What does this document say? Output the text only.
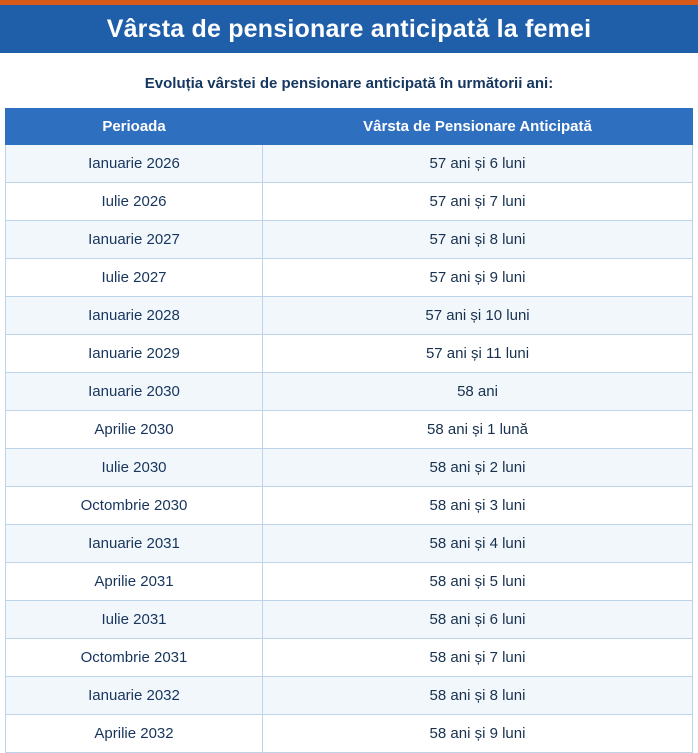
Vârsta de pensionare anticipată la femei
Evoluția vârstei de pensionare anticipată în următorii ani:
Perioada	Vârsta de Pensionare Anticipată
Ianuarie 2026	57 ani și 6 luni
Iulie 2026	57 ani și 7 luni
Ianuarie 2027	57 ani și 8 luni
Iulie 2027	57 ani și 9 luni
Ianuarie 2028	57 ani și 10 luni
Ianuarie 2029	57 ani și 11 luni
Ianuarie 2030	58 ani
Aprilie 2030	58 ani și 1 lună
Iulie 2030	58 ani și 2 luni
Octombrie 2030	58 ani și 3 luni
Ianuarie 2031	58 ani și 4 luni
Aprilie 2031	58 ani și 5 luni
Iulie 2031	58 ani și 6 luni
Octombrie 2031	58 ani și 7 luni
Ianuarie 2032	58 ani și 8 luni
Aprilie 2032	58 ani și 9 luni
